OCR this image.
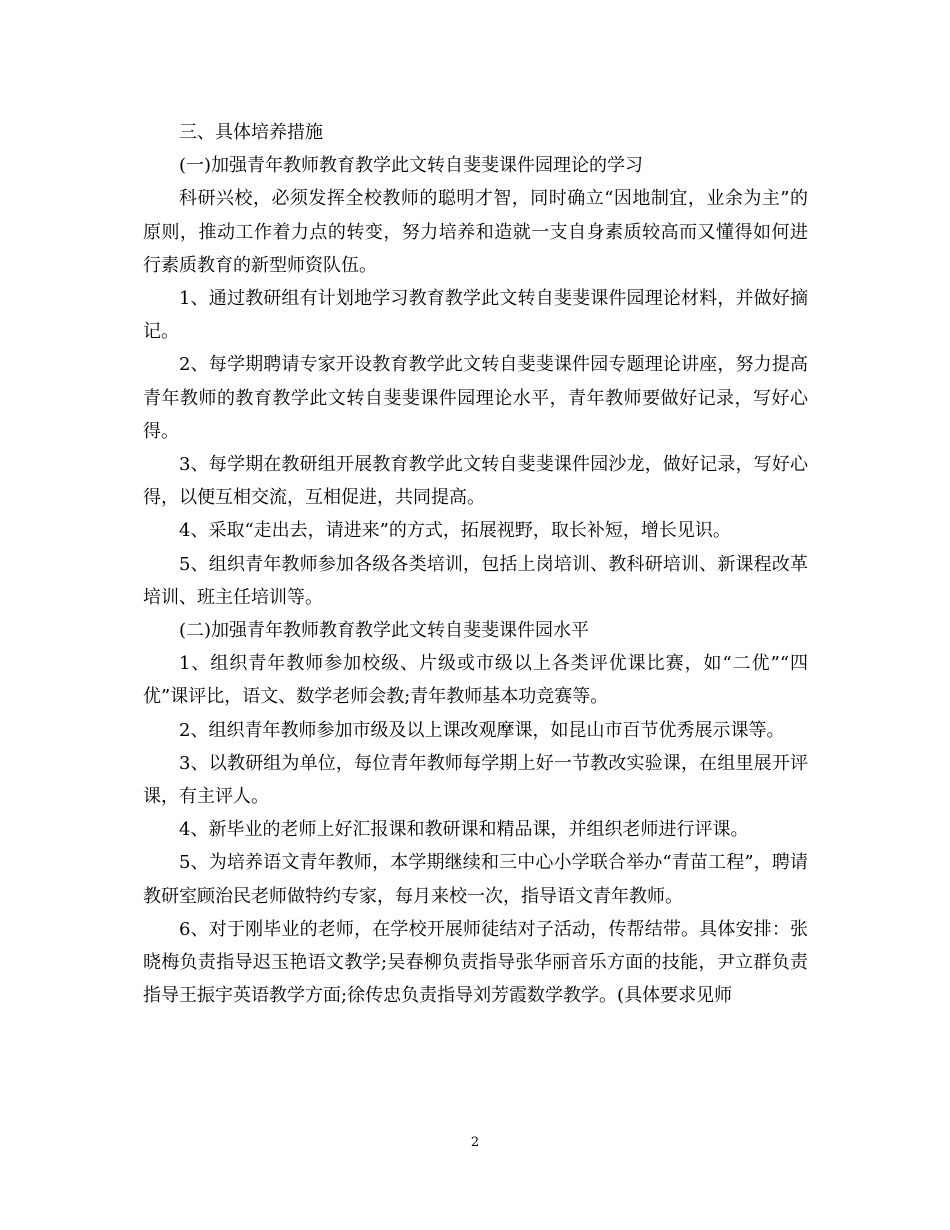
三、具体培养措施

(一)加强青年教师教育教学此文转自斐斐课件园理论的学习

科研兴校，必须发挥全校教师的聪明才智，同时确立“因地制宜，业余为主”的原则，推动工作着力点的转变，努力培养和造就一支自身素质较高而又懂得如何进行素质教育的新型师资队伍。

1、通过教研组有计划地学习教育教学此文转自斐斐课件园理论材料，并做好摘记。

2、每学期聘请专家开设教育教学此文转自斐斐课件园专题理论讲座，努力提高青年教师的教育教学此文转自斐斐课件园理论水平，青年教师要做好记录，写好心得。

3、每学期在教研组开展教育教学此文转自斐斐课件园沙龙，做好记录，写好心得，以便互相交流，互相促进，共同提高。

4、采取“走出去，请进来”的方式，拓展视野，取长补短，增长见识。

5、组织青年教师参加各级各类培训，包括上岗培训、教科研培训、新课程改革培训、班主任培训等。

(二)加强青年教师教育教学此文转自斐斐课件园水平

1、组织青年教师参加校级、片级或市级以上各类评优课比赛，如“二优”“四优”课评比，语文、数学老师会教;青年教师基本功竞赛等。

2、组织青年教师参加市级及以上课改观摩课，如昆山市百节优秀展示课等。

3、以教研组为单位，每位青年教师每学期上好一节教改实验课，在组里展开评课，有主评人。

4、新毕业的老师上好汇报课和教研课和精品课，并组织老师进行评课。

5、为培养语文青年教师，本学期继续和三中心小学联合举办“青苗工程”，聘请教研室顾治民老师做特约专家，每月来校一次，指导语文青年教师。

6、对于刚毕业的老师，在学校开展师徒结对子活动，传帮结带。具体安排：张晓梅负责指导迟玉艳语文教学;吴春柳负责指导张华丽音乐方面的技能，尹立群负责指导王振宇英语教学方面;徐传忠负责指导刘芳霞数学教学。(具体要求见师

2
